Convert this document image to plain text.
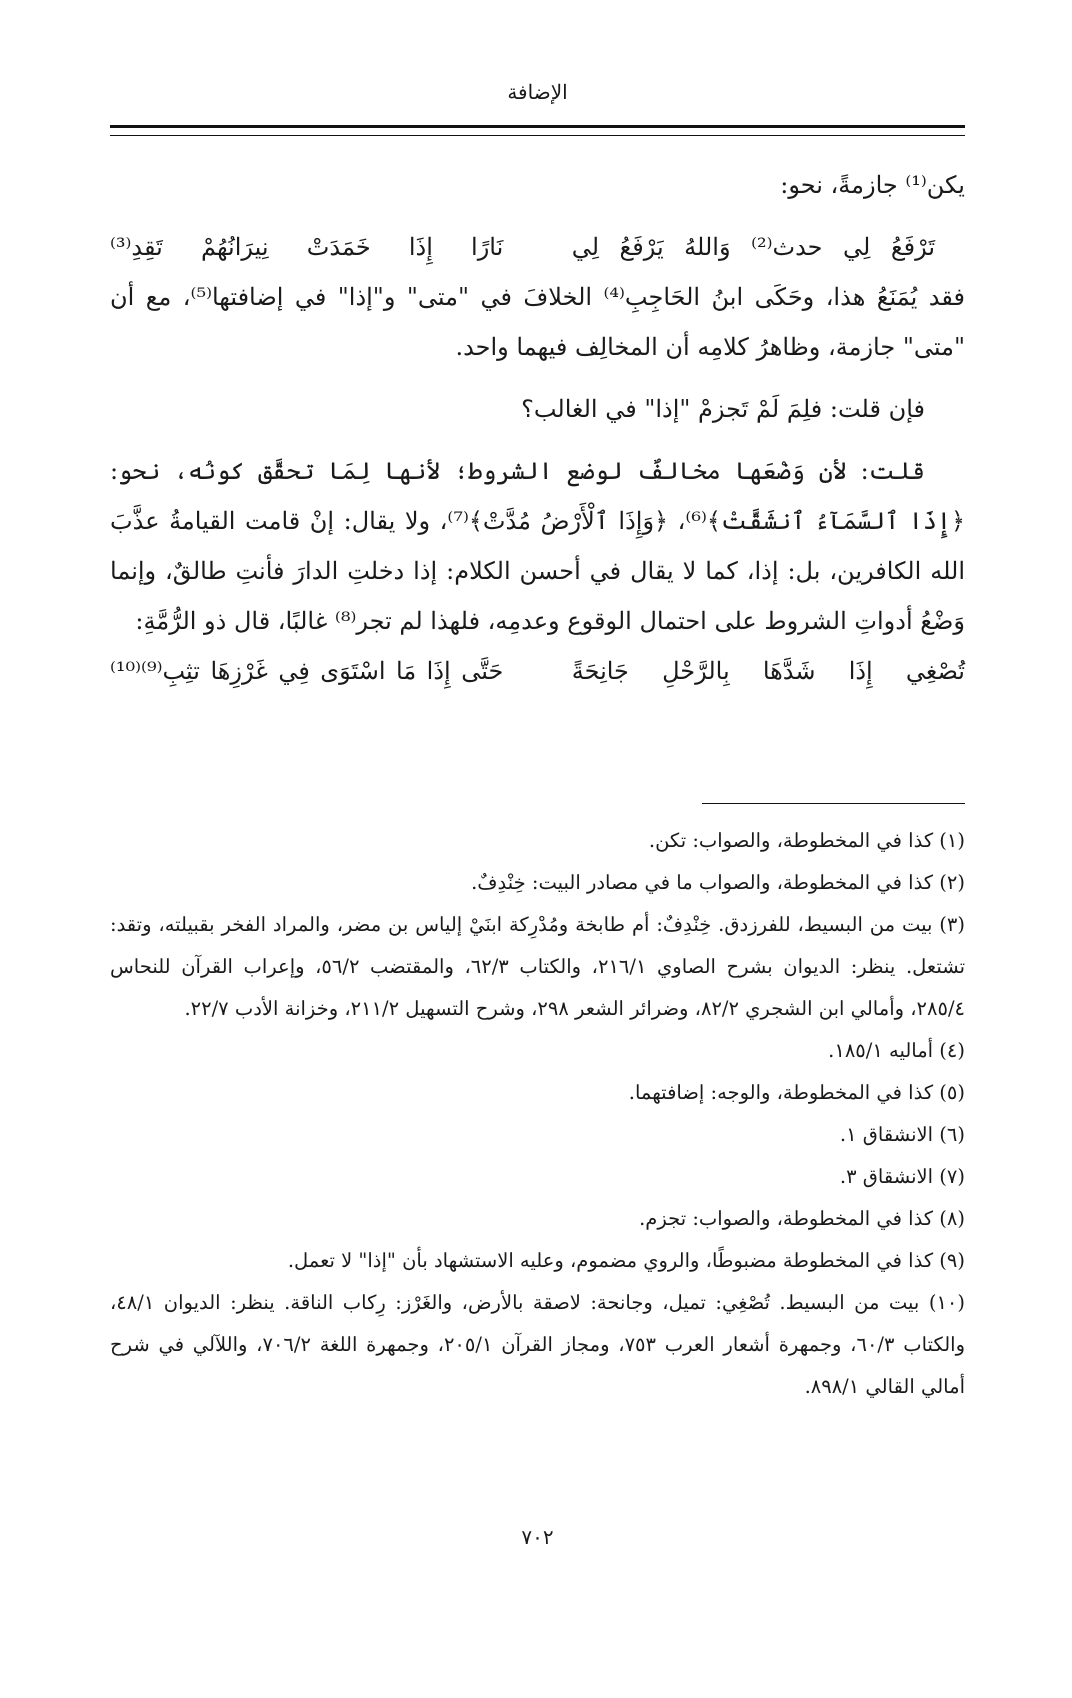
الإضافة

يكن⁽¹⁾ جازمةً، نحو:

تَرْفَعُ لِي حدث⁽²⁾ وَاللهُ يَرْفَعُ لِي
نَارًا إِذَا خَمَدَتْ نِيرَانُهُمْ تَقِدِ⁽³⁾

فقد يُمَنَعُ هذا، وحَكَى ابنُ الحَاجِبِ⁽⁴⁾ الخلافَ في "متى" و"إذا" في إضافتها⁽⁵⁾، مع أن "متى" جازمة، وظاهرُ كلامِه أن المخالِف فيهما واحد.

فإن قلت: فلِمَ لَمْ تَجزمْ "إذا" في الغالب؟

قلت: لأن وَضْعَها مخالفٌ لوضع الشروط؛ لأنها لِمَا تحقَّق كونُه، نحو: ﴿إِذَا ٱلسَّمَآءُ ٱنشَقَّتْ﴾⁽⁶⁾، ﴿وَإِذَا ٱلْأَرْضُ مُدَّتْ﴾⁽⁷⁾، ولا يقال: إنْ قامت القيامةُ عذَّبَ الله الكافرين، بل: إذا، كما لا يقال في أحسن الكلام: إذا دخلتِ الدارَ فأنتِ طالقٌ، وإنما وَضْعُ أدواتِ الشروط على احتمال الوقوع وعدمِه، فلهذا لم تجر⁽⁸⁾ غالبًا، قال ذو الرُّمَّةِ:

تُصْغِي إِذَا شَدَّهَا بِالرَّحْلِ جَانِحَةً
حَتَّى إِذَا مَا اسْتَوَى فِي غَرْزِهَا تثِبِ⁽⁹⁾⁽¹⁰⁾

(١) كذا في المخطوطة، والصواب: تكن.

(٢) كذا في المخطوطة، والصواب ما في مصادر البيت: خِنْدِفٌ.

(٣) بيت من البسيط، للفرزدق. خِنْدِفٌ: أم طابخة ومُدْرِكة ابنَيْ إلياس بن مضر، والمراد الفخر بقبيلته، وتقد: تشتعل. ينظر: الديوان بشرح الصاوي ٢١٦/١، والكتاب ٦٢/٣، والمقتضب ٥٦/٢، وإعراب القرآن للنحاس ٢٨٥/٤، وأمالي ابن الشجري ٨٢/٢، وضرائر الشعر ٢٩٨، وشرح التسهيل ٢١١/٢، وخزانة الأدب ٢٢/٧.

(٤) أماليه ١٨٥/١.

(٥) كذا في المخطوطة، والوجه: إضافتهما.

(٦) الانشقاق ١.

(٧) الانشقاق ٣.

(٨) كذا في المخطوطة، والصواب: تجزم.

(٩) كذا في المخطوطة مضبوطًا، والروي مضموم، وعليه الاستشهاد بأن "إذا" لا تعمل.

(١٠) بيت من البسيط. تُصْغِي: تميل، وجانحة: لاصقة بالأرض، والغَرْز: رِكاب الناقة. ينظر: الديوان ٤٨/١، والكتاب ٦٠/٣، وجمهرة أشعار العرب ٧٥٣، ومجاز القرآن ٢٠٥/١، وجمهرة اللغة ٧٠٦/٢، واللآلي في شرح أمالي القالي ٨٩٨/١.

٧٠٢
